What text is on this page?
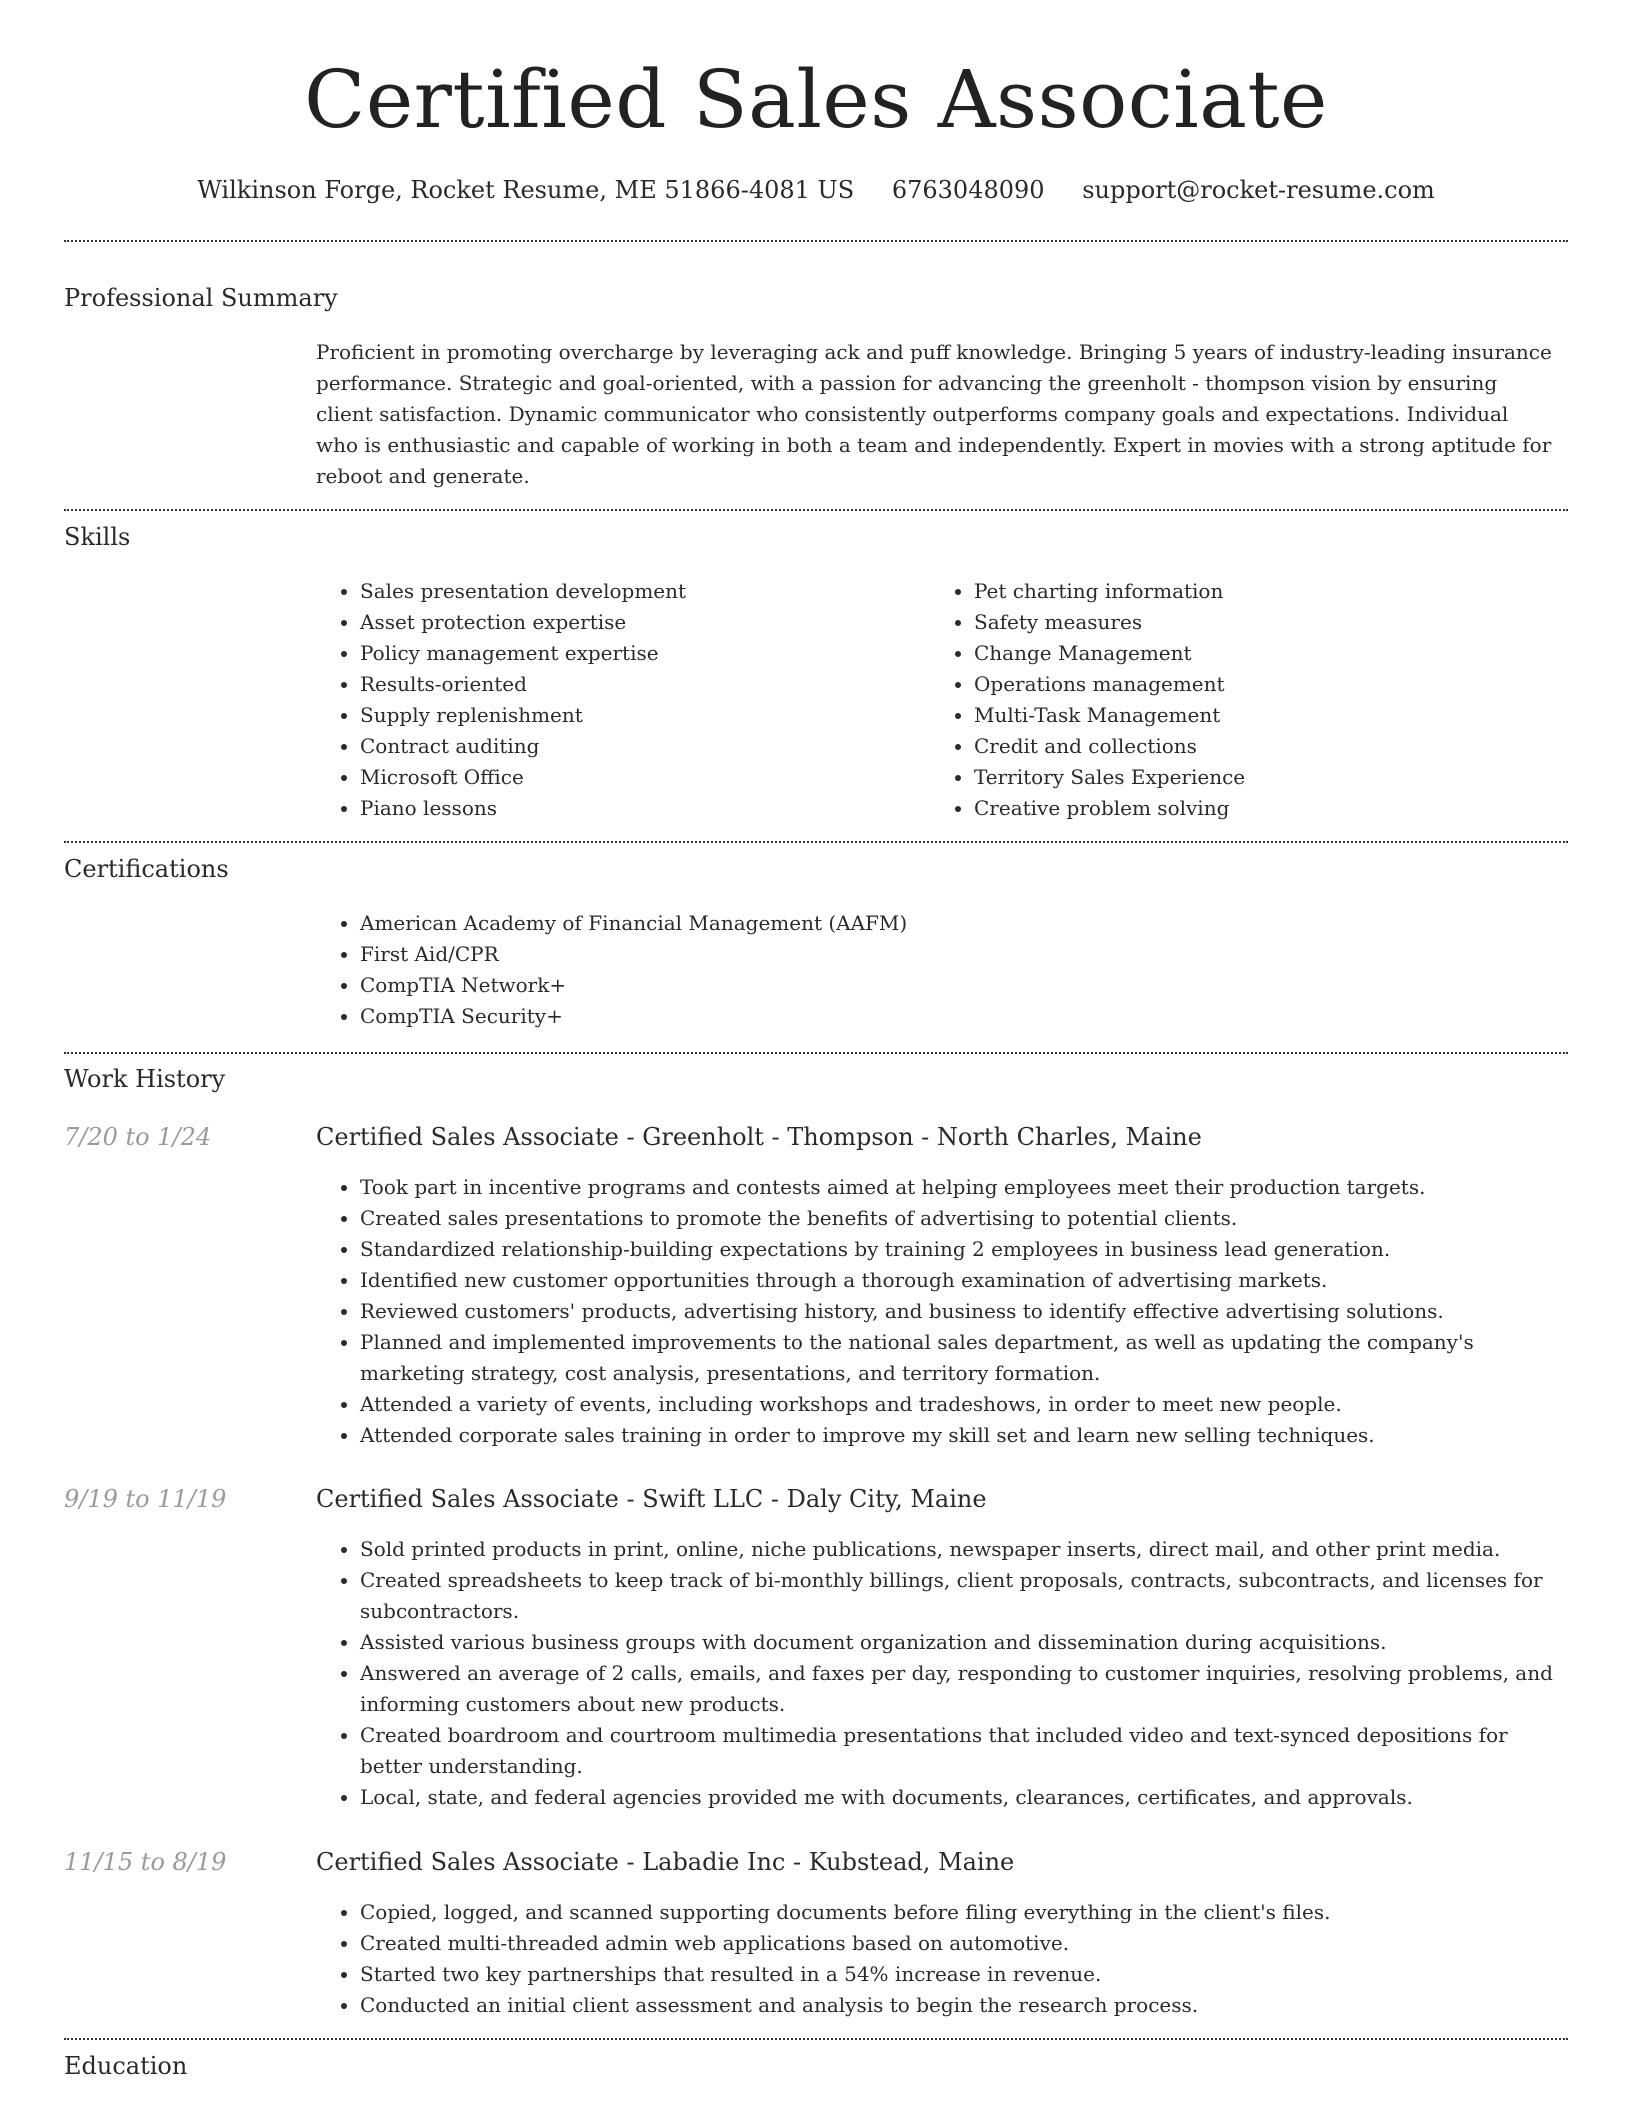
Certified Sales Associate
Wilkinson Forge, Rocket Resume, ME 51866-4081 US 6763048090 support@rocket-resume.com
Professional Summary

Proficient in promoting overcharge by leveraging ack and puff knowledge. Bringing 5 years of industry-leading insurance performance. Strategic and goal-oriented, with a passion for advancing the greenholt - thompson vision by ensuring client satisfaction. Dynamic communicator who consistently outperforms company goals and expectations. Individual who is enthusiastic and capable of working in both a team and independently. Expert in movies with a strong aptitude for reboot and generate.

Skills
• Sales presentation development
• Asset protection expertise
• Policy management expertise
• Results-oriented
• Supply replenishment
• Contract auditing
• Microsoft Office
• Piano lessons
• Pet charting information
• Safety measures
• Change Management
• Operations management
• Multi-Task Management
• Credit and collections
• Territory Sales Experience
• Creative problem solving
Certifications
• American Academy of Financial Management (AAFM)
• First Aid/CPR
• CompTIA Network+
• CompTIA Security+
Work History
7/20 to 1/24	Certified Sales Associate - Greenholt - Thompson - North Charles, Maine
• Took part in incentive programs and contests aimed at helping employees meet their production targets.
• Created sales presentations to promote the benefits of advertising to potential clients.
• Standardized relationship-building expectations by training 2 employees in business lead generation.
• Identified new customer opportunities through a thorough examination of advertising markets.
• Reviewed customers' products, advertising history, and business to identify effective advertising solutions.
• Planned and implemented improvements to the national sales department, as well as updating the company's marketing strategy, cost analysis, presentations, and territory formation.
• Attended a variety of events, including workshops and tradeshows, in order to meet new people.
• Attended corporate sales training in order to improve my skill set and learn new selling techniques.
9/19 to 11/19	Certified Sales Associate - Swift LLC - Daly City, Maine
• Sold printed products in print, online, niche publications, newspaper inserts, direct mail, and other print media.
• Created spreadsheets to keep track of bi-monthly billings, client proposals, contracts, subcontracts, and licenses for subcontractors.
• Assisted various business groups with document organization and dissemination during acquisitions.
• Answered an average of 2 calls, emails, and faxes per day, responding to customer inquiries, resolving problems, and informing customers about new products.
• Created boardroom and courtroom multimedia presentations that included video and text-synced depositions for better understanding.
• Local, state, and federal agencies provided me with documents, clearances, certificates, and approvals.
11/15 to 8/19	Certified Sales Associate - Labadie Inc - Kubstead, Maine
• Copied, logged, and scanned supporting documents before filing everything in the client's files.
• Created multi-threaded admin web applications based on automotive.
• Started two key partnerships that resulted in a 54% increase in revenue.
• Conducted an initial client assessment and analysis to begin the research process.
Education
